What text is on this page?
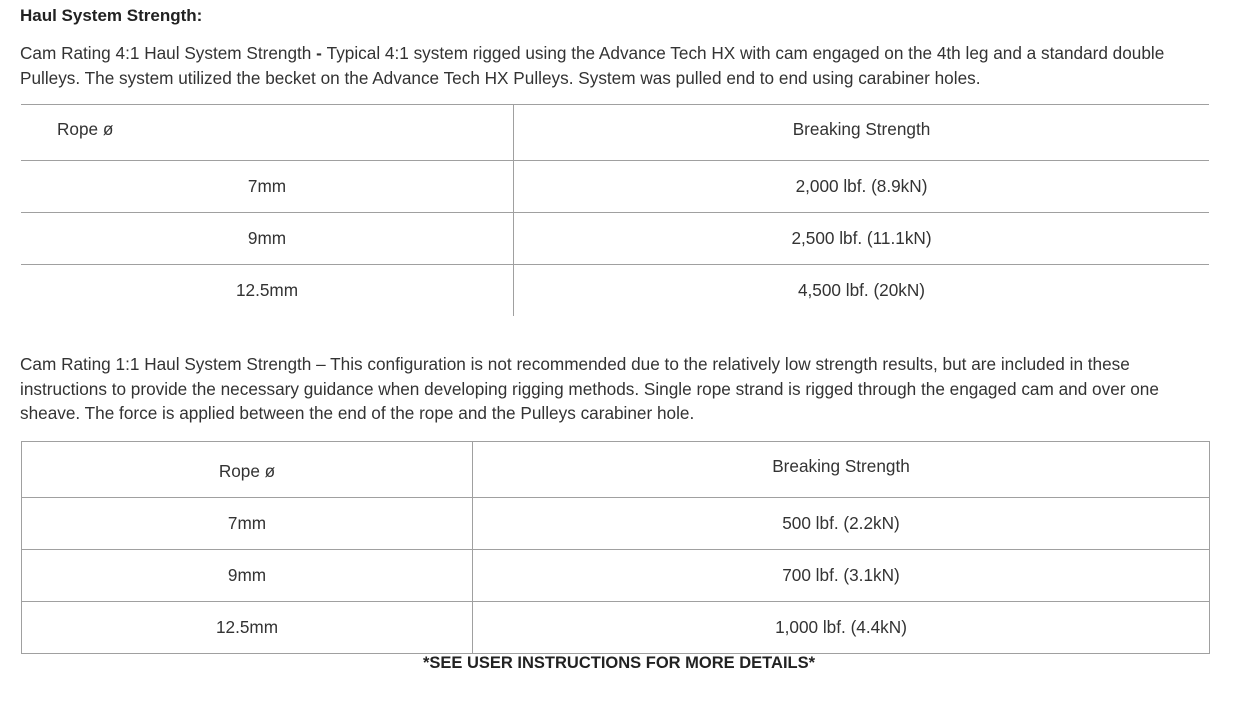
Haul System Strength:
Cam Rating 4:1 Haul System Strength - Typical 4:1 system rigged using the Advance Tech HX with cam engaged on the 4th leg and a standard double Pulleys. The system utilized the becket on the Advance Tech HX Pulleys. System was pulled end to end using carabiner holes.
Rope ø	Breaking Strength
7mm	2,000 lbf. (8.9kN)
9mm	2,500 lbf. (11.1kN)
12.5mm	4,500 lbf. (20kN)
Cam Rating 1:1 Haul System Strength – This configuration is not recommended due to the relatively low strength results, but are included in these instructions to provide the necessary guidance when developing rigging methods. Single rope strand is rigged through the engaged cam and over one sheave. The force is applied between the end of the rope and the Pulleys carabiner hole.
Rope ø	Breaking Strength
7mm	500 lbf. (2.2kN)
9mm	700 lbf. (3.1kN)
12.5mm	1,000 lbf. (4.4kN)
*SEE USER INSTRUCTIONS FOR MORE DETAILS*
